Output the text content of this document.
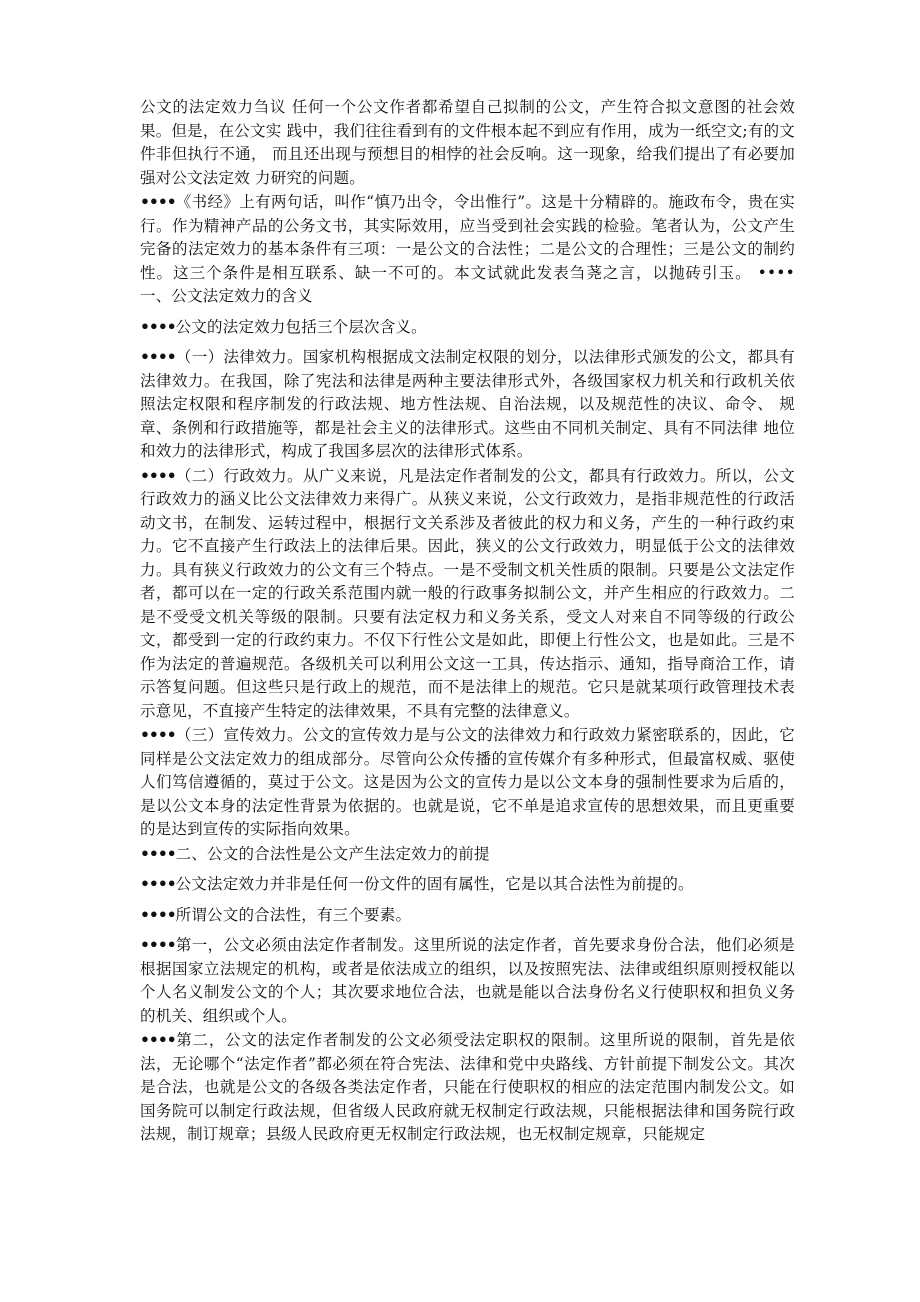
公文的法定效力刍议 任何一个公文作者都希望自己拟制的公文，产生符合拟文意图的社会效果。但是，在公文实 践中，我们往往看到有的文件根本起不到应有作用，成为一纸空文;有的文件非但执行不通， 而且还出现与预想目的相悖的社会反响。这一现象，给我们提出了有必要加强对公文法定效 力研究的问题。

••••《书经》上有两句话，叫作“慎乃出令，令出惟行”。这是十分精辟的。施政布令，贵在实行。作为精神产品的公务文书，其实际效用，应当受到社会实践的检验。笔者认为，公文产生完备的法定效力的基本条件有三项：一是公文的合法性；二是公文的合理性；三是公文的制约性。这三个条件是相互联系、缺一不可的。本文试就此发表刍荛之言，以抛砖引玉。 •••• 一、公文法定效力的含义

••••公文的法定效力包括三个层次含义。

••••（一）法律效力。国家机构根据成文法制定权限的划分，以法律形式颁发的公文，都具有法律效力。在我国，除了宪法和法律是两种主要法律形式外，各级国家权力机关和行政机关依照法定权限和程序制发的行政法规、地方性法规、自治法规，以及规范性的决议、命令、 规章、条例和行政措施等，都是社会主义的法律形式。这些由不同机关制定、具有不同法律 地位和效力的法律形式，构成了我国多层次的法律形式体系。

••••（二）行政效力。从广义来说，凡是法定作者制发的公文，都具有行政效力。所以，公文行政效力的涵义比公文法律效力来得广。从狭义来说，公文行政效力，是指非规范性的行政活动文书，在制发、运转过程中，根据行文关系涉及者彼此的权力和义务，产生的一种行政约束力。它不直接产生行政法上的法律后果。因此，狭义的公文行政效力，明显低于公文的法律效力。具有狭义行政效力的公文有三个特点。一是不受制文机关性质的限制。只要是公文法定作者，都可以在一定的行政关系范围内就一般的行政事务拟制公文，并产生相应的行政效力。二是不受受文机关等级的限制。只要有法定权力和义务关系，受文人对来自不同等级的行政公文，都受到一定的行政约束力。不仅下行性公文是如此，即便上行性公文，也是如此。三是不作为法定的普遍规范。各级机关可以利用公文这一工具，传达指示、通知，指导商洽工作，请示答复问题。但这些只是行政上的规范，而不是法律上的规范。它只是就某项行政管理技术表示意见，不直接产生特定的法律效果，不具有完整的法律意义。

••••（三）宣传效力。公文的宣传效力是与公文的法律效力和行政效力紧密联系的，因此，它同样是公文法定效力的组成部分。尽管向公众传播的宣传媒介有多种形式，但最富权威、驱使人们笃信遵循的，莫过于公文。这是因为公文的宣传力是以公文本身的强制性要求为后盾的，是以公文本身的法定性背景为依据的。也就是说，它不单是追求宣传的思想效果，而且更重要的是达到宣传的实际指向效果。

••••二、公文的合法性是公文产生法定效力的前提

••••公文法定效力并非是任何一份文件的固有属性，它是以其合法性为前提的。

••••所谓公文的合法性，有三个要素。

••••第一，公文必须由法定作者制发。这里所说的法定作者，首先要求身份合法，他们必须是根据国家立法规定的机构，或者是依法成立的组织，以及按照宪法、法律或组织原则授权能以个人名义制发公文的个人；其次要求地位合法，也就是能以合法身份名义行使职权和担负义务的机关、组织或个人。

••••第二，公文的法定作者制发的公文必须受法定职权的限制。这里所说的限制，首先是依法，无论哪个“法定作者”都必须在符合宪法、法律和党中央路线、方针前提下制发公文。其次是合法，也就是公文的各级各类法定作者，只能在行使职权的相应的法定范围内制发公文。如国务院可以制定行政法规，但省级人民政府就无权制定行政法规，只能根据法律和国务院行政法规，制订规章；县级人民政府更无权制定行政法规，也无权制定规章，只能规定
